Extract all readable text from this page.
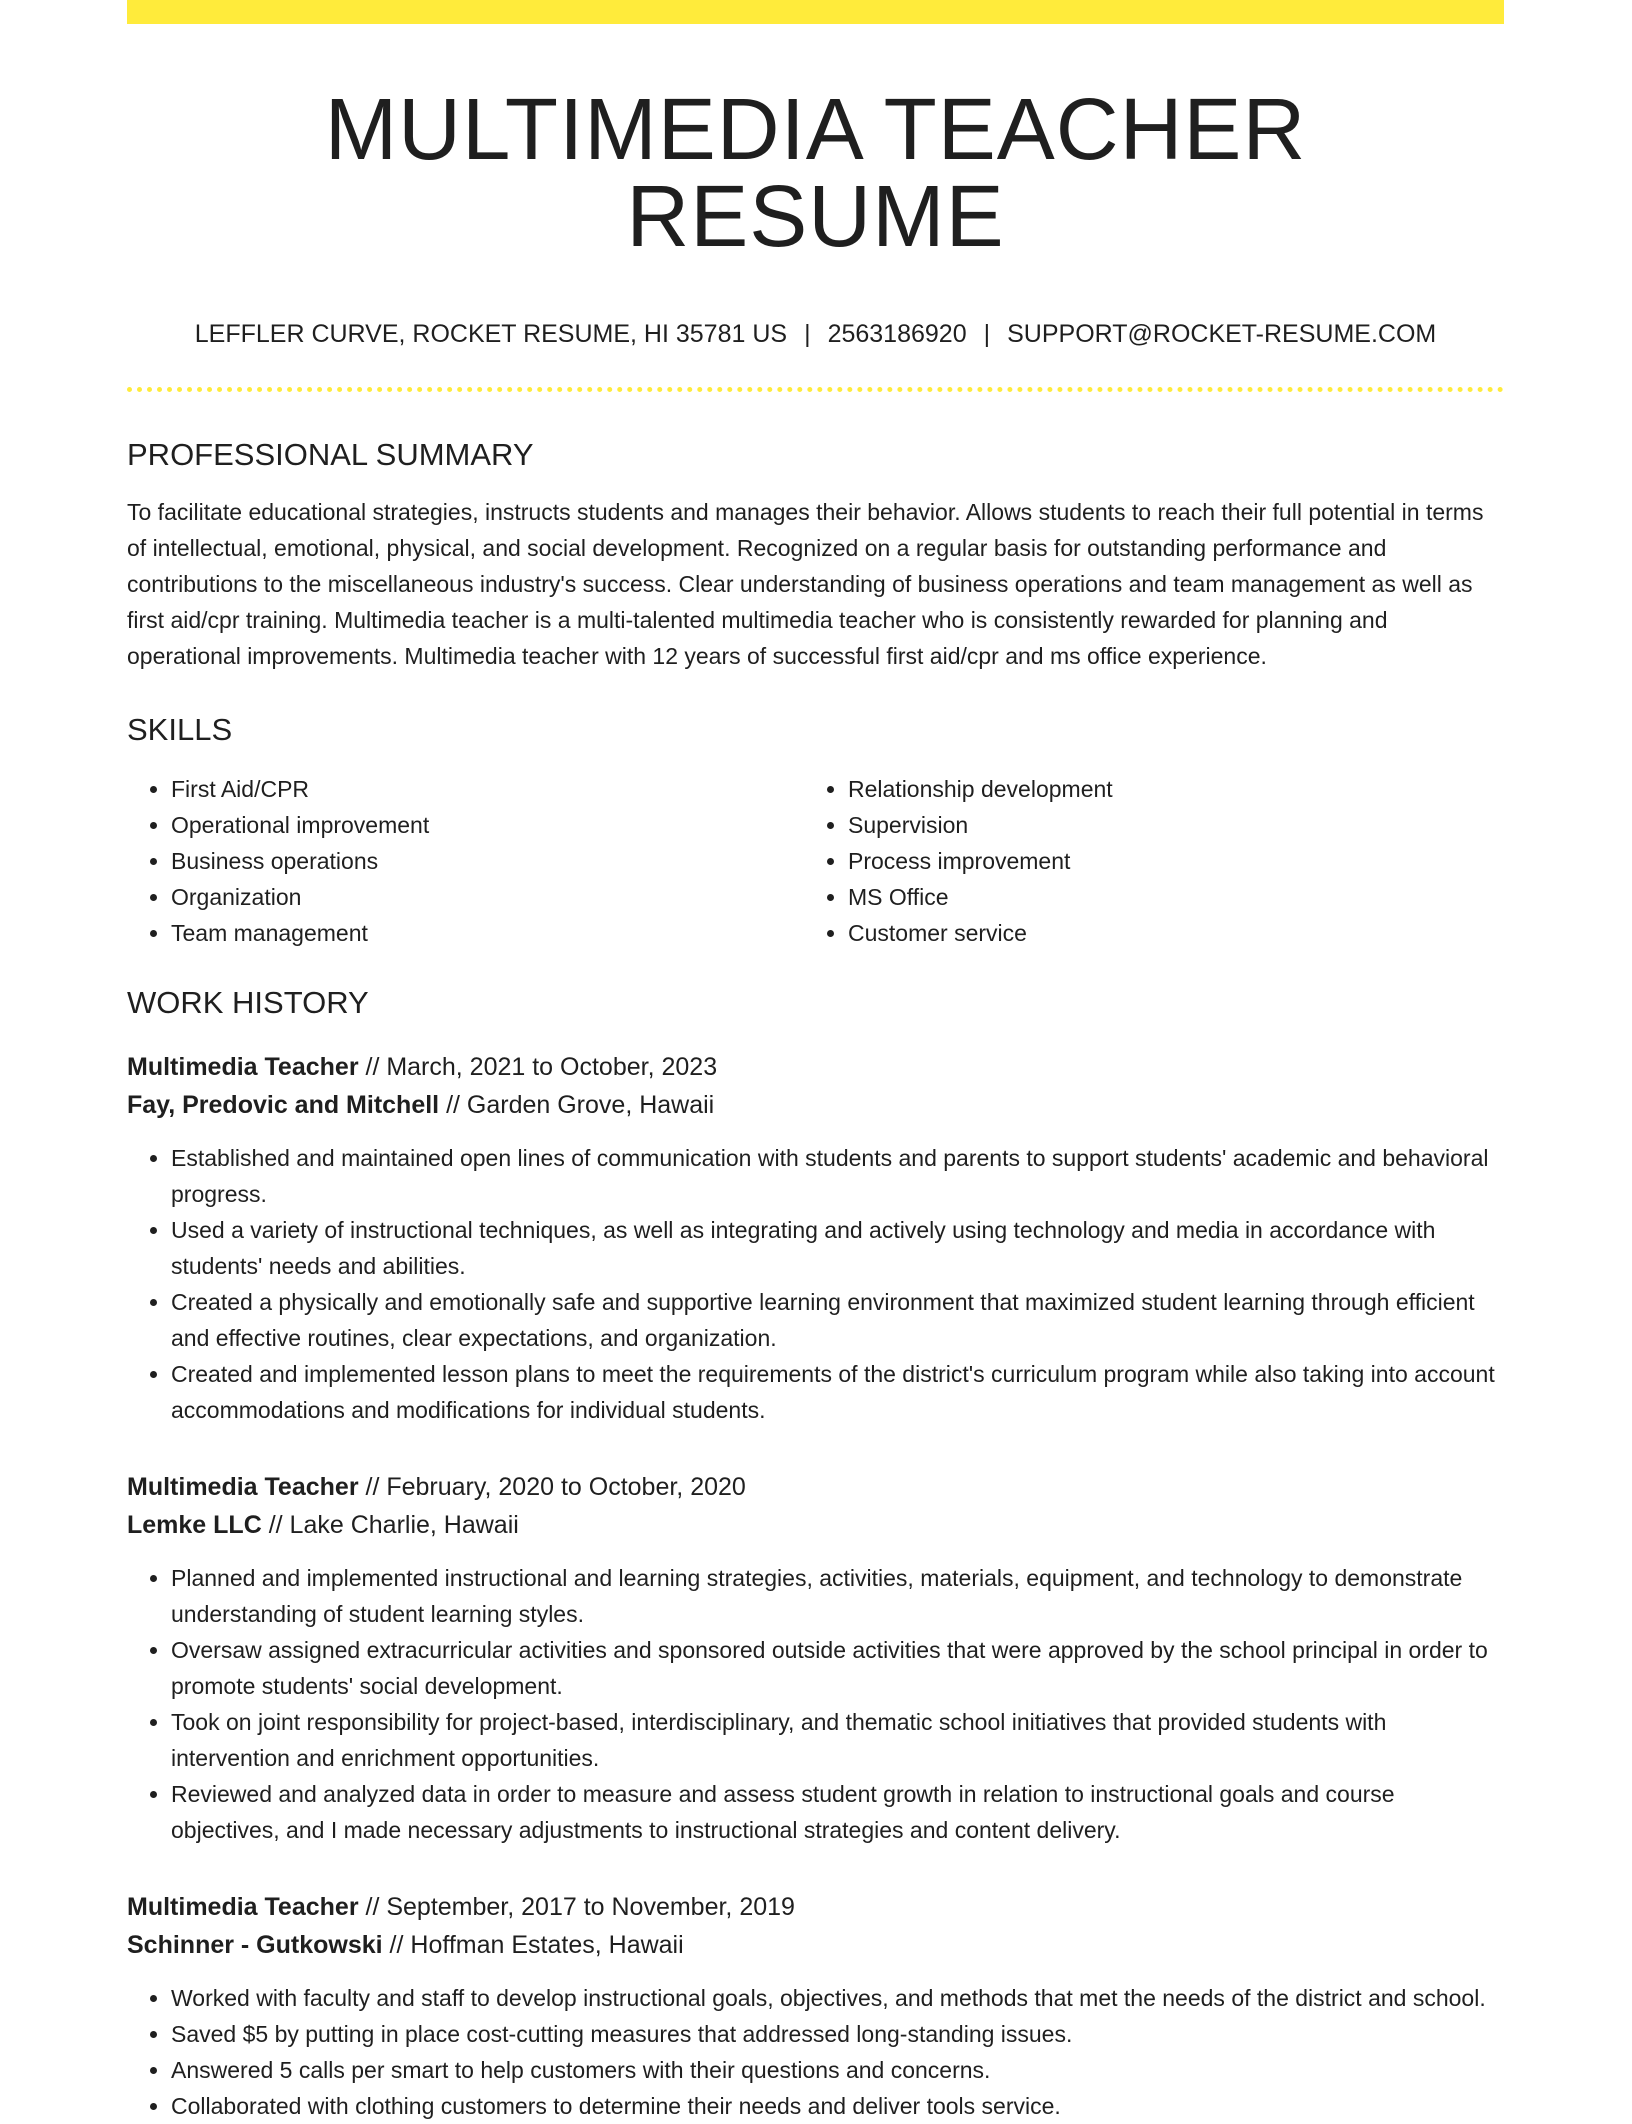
MULTIMEDIA TEACHER RESUME
LEFFLER CURVE, ROCKET RESUME, HI 35781 US | 2563186920 | SUPPORT@ROCKET-RESUME.COM
PROFESSIONAL SUMMARY

To facilitate educational strategies, instructs students and manages their behavior. Allows students to reach their full potential in terms of intellectual, emotional, physical, and social development. Recognized on a regular basis for outstanding performance and contributions to the miscellaneous industry's success. Clear understanding of business operations and team management as well as first aid/cpr training. Multimedia teacher is a multi-talented multimedia teacher who is consistently rewarded for planning and operational improvements. Multimedia teacher with 12 years of successful first aid/cpr and ms office experience.

SKILLS
• First Aid/CPR
• Operational improvement
• Business operations
• Organization
• Team management
• Relationship development
• Supervision
• Process improvement
• MS Office
• Customer service
WORK HISTORY
Multimedia Teacher // March, 2021 to October, 2023
Fay, Predovic and Mitchell // Garden Grove, Hawaii
• Established and maintained open lines of communication with students and parents to support students' academic and behavioral progress.
• Used a variety of instructional techniques, as well as integrating and actively using technology and media in accordance with students' needs and abilities.
• Created a physically and emotionally safe and supportive learning environment that maximized student learning through efficient and effective routines, clear expectations, and organization.
• Created and implemented lesson plans to meet the requirements of the district's curriculum program while also taking into account accommodations and modifications for individual students.
Multimedia Teacher // February, 2020 to October, 2020
Lemke LLC // Lake Charlie, Hawaii
• Planned and implemented instructional and learning strategies, activities, materials, equipment, and technology to demonstrate understanding of student learning styles.
• Oversaw assigned extracurricular activities and sponsored outside activities that were approved by the school principal in order to promote students' social development.
• Took on joint responsibility for project-based, interdisciplinary, and thematic school initiatives that provided students with intervention and enrichment opportunities.
• Reviewed and analyzed data in order to measure and assess student growth in relation to instructional goals and course objectives, and I made necessary adjustments to instructional strategies and content delivery.
Multimedia Teacher // September, 2017 to November, 2019
Schinner - Gutkowski // Hoffman Estates, Hawaii
• Worked with faculty and staff to develop instructional goals, objectives, and methods that met the needs of the district and school.
• Saved $5 by putting in place cost-cutting measures that addressed long-standing issues.
• Answered 5 calls per smart to help customers with their questions and concerns.
• Collaborated with clothing customers to determine their needs and deliver tools service.
